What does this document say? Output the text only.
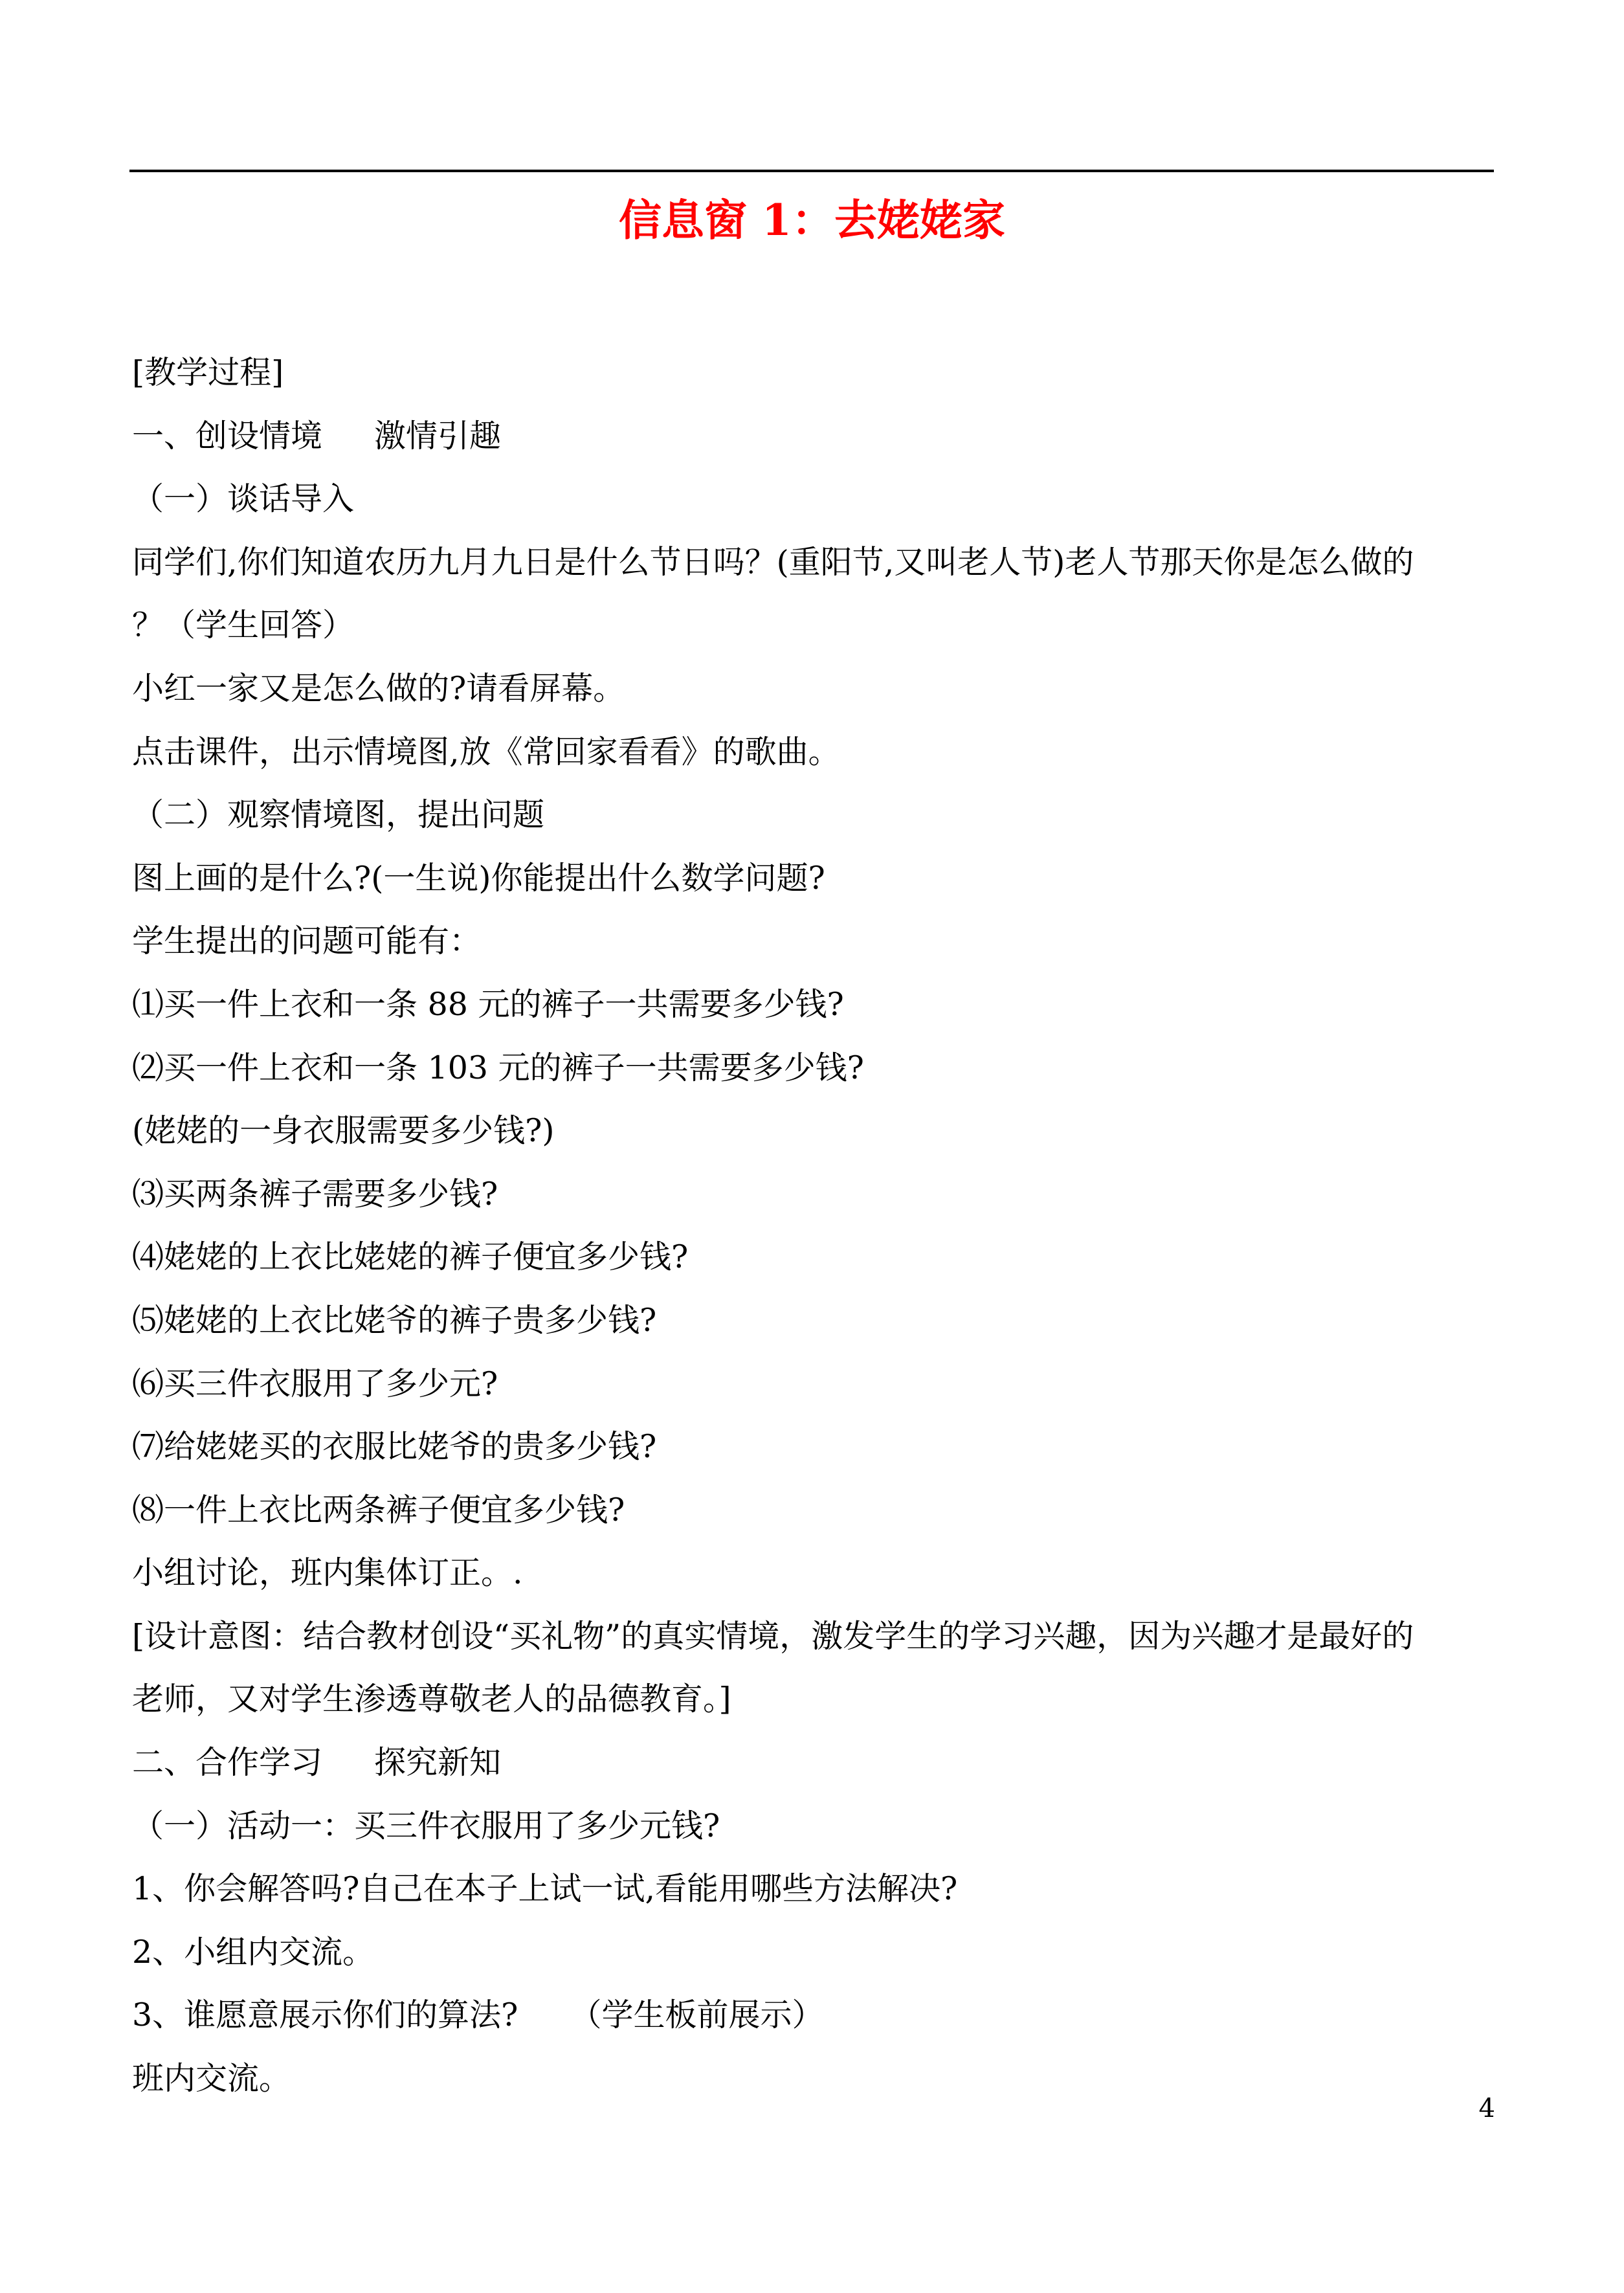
信息窗 1：去姥姥家
[教学过程]
一、创设情境 激情引趣
（一）谈话导入
同学们,你们知道农历九月九日是什么节日吗？(重阳节,又叫老人节)老人节那天你是怎么做的
？（学生回答）
小红一家又是怎么做的?请看屏幕。
点击课件，出示情境图,放《常回家看看》的歌曲。
（二）观察情境图，提出问题
图上画的是什么?(一生说)你能提出什么数学问题?
学生提出的问题可能有：
⑴买一件上衣和一条 88 元的裤子一共需要多少钱?
⑵买一件上衣和一条 103 元的裤子一共需要多少钱?
(姥姥的一身衣服需要多少钱?)
⑶买两条裤子需要多少钱?
⑷姥姥的上衣比姥姥的裤子便宜多少钱?
⑸姥姥的上衣比姥爷的裤子贵多少钱?
⑹买三件衣服用了多少元?
⑺给姥姥买的衣服比姥爷的贵多少钱?
⑻一件上衣比两条裤子便宜多少钱?
小组讨论，班内集体订正。.
[设计意图：结合教材创设“买礼物”的真实情境，激发学生的学习兴趣，因为兴趣才是最好的
老师，又对学生渗透尊敬老人的品德教育。]
二、合作学习 探究新知
（一）活动一：买三件衣服用了多少元钱?
1、你会解答吗?自己在本子上试一试,看能用哪些方法解决?
2、小组内交流。
3、谁愿意展示你们的算法? （学生板前展示）
班内交流。
4
